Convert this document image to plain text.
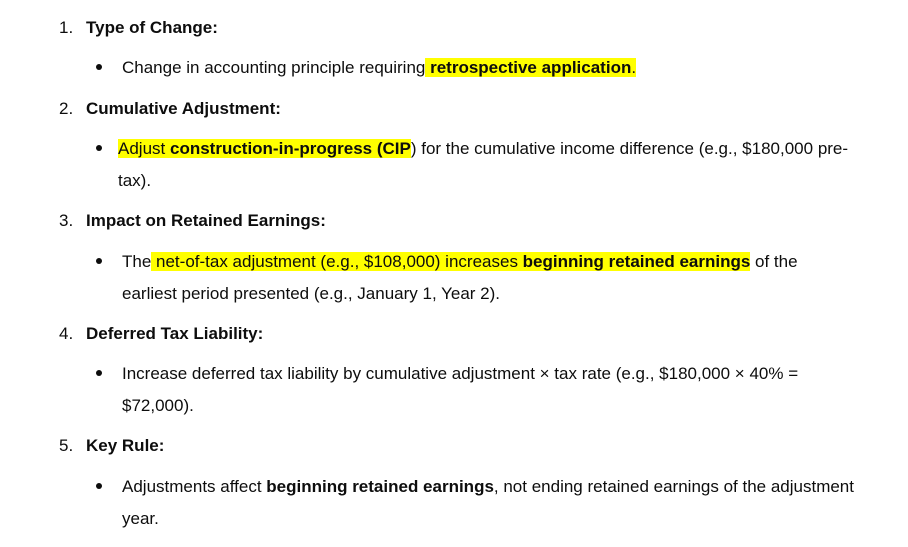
1. Type of Change:
Change in accounting principle requiring retrospective application.
2. Cumulative Adjustment:
Adjust construction-in-progress (CIP) for the cumulative income difference (e.g., $180,000 pre-tax).
3. Impact on Retained Earnings:
The net-of-tax adjustment (e.g., $108,000) increases beginning retained earnings of the earliest period presented (e.g., January 1, Year 2).
4. Deferred Tax Liability:
Increase deferred tax liability by cumulative adjustment × tax rate (e.g., $180,000 × 40% = $72,000).
5. Key Rule:
Adjustments affect beginning retained earnings, not ending retained earnings of the adjustment year.
